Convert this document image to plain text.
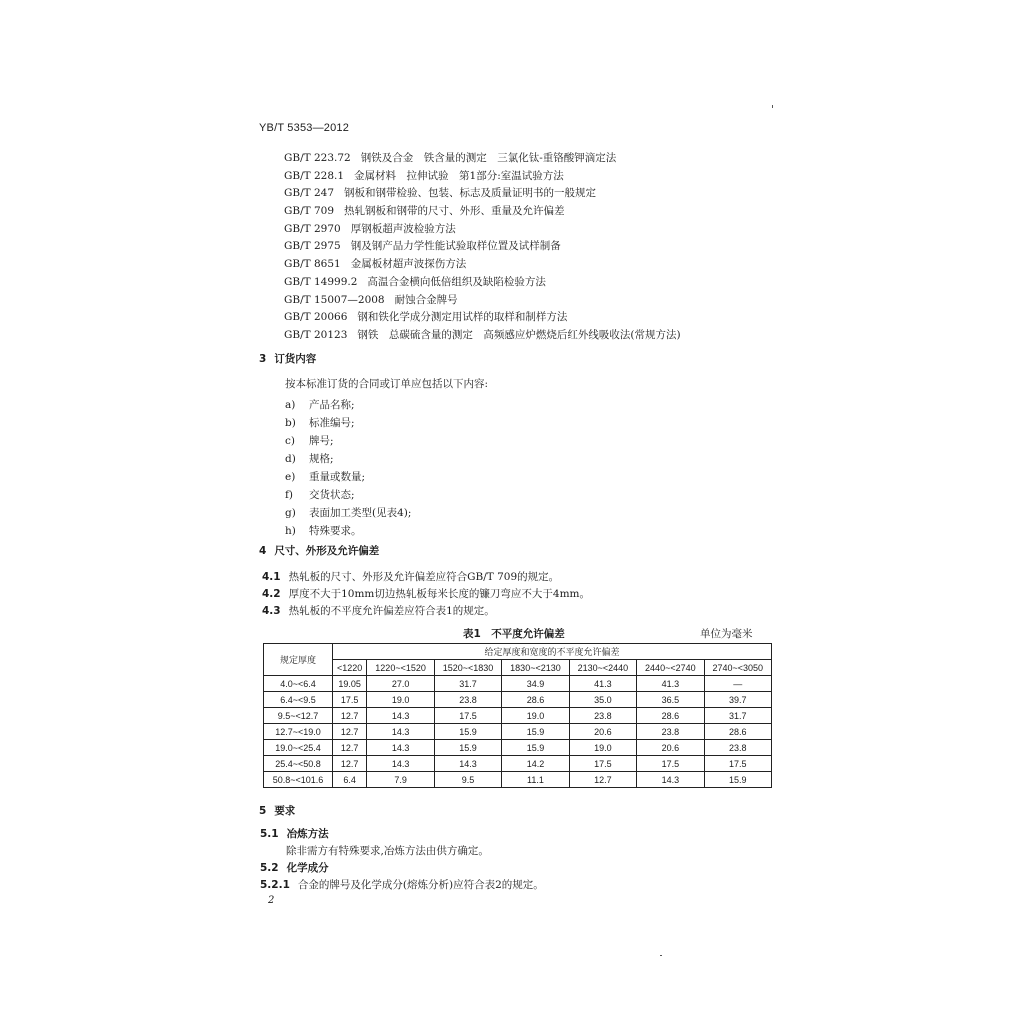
YB/T 5353—2012
GB/T 223.72 钢铁及合金　铁含量的测定　三氯化钛-重铬酸钾滴定法
GB/T 228.1 金属材料　拉伸试验　第1部分:室温试验方法
GB/T 247 钢板和钢带检验、包装、标志及质量证明书的一般规定
GB/T 709 热轧钢板和钢带的尺寸、外形、重量及允许偏差
GB/T 2970 厚钢板超声波检验方法
GB/T 2975 钢及钢产品力学性能试验取样位置及试样制备
GB/T 8651 金属板材超声波探伤方法
GB/T 14999.2 高温合金横向低倍组织及缺陷检验方法
GB/T 15007—2008 耐蚀合金牌号
GB/T 20066 钢和铁化学成分测定用试样的取样和制样方法
GB/T 20123 钢铁　总碳硫含量的测定　高频感应炉燃烧后红外线吸收法(常规方法)
3 订货内容
按本标准订货的合同或订单应包括以下内容:
a) 产品名称;
b) 标准编号;
c) 牌号;
d) 规格;
e) 重量或数量;
f) 交货状态;
g) 表面加工类型(见表4);
h) 特殊要求。
4 尺寸、外形及允许偏差
4.1 热轧板的尺寸、外形及允许偏差应符合GB/T 709的规定。
4.2 厚度不大于10mm切边热轧板每米长度的镰刀弯应不大于4mm。
4.3 热轧板的不平度允许偏差应符合表1的规定。
表1　不平度允许偏差	单位为毫米
规定厚度	给定厚度和宽度的不平度允许偏差						
	<1220	1220~<1520	1520~<1830	1830~<2130	2130~<2440	2440~<2740	2740~<3050
4.0~<6.4	19.05	27.0	31.7	34.9	41.3	41.3	—
6.4~<9.5	17.5	19.0	23.8	28.6	35.0	36.5	39.7
9.5~<12.7	12.7	14.3	17.5	19.0	23.8	28.6	31.7
12.7~<19.0	12.7	14.3	15.9	15.9	20.6	23.8	28.6
19.0~<25.4	12.7	14.3	15.9	15.9	19.0	20.6	23.8
25.4~<50.8	12.7	14.3	14.3	14.2	17.5	17.5	17.5
50.8~<101.6	6.4	7.9	9.5	11.1	12.7	14.3	15.9
5 要求
5.1 冶炼方法
除非需方有特殊要求,冶炼方法由供方确定。
5.2 化学成分
5.2.1 合金的牌号及化学成分(熔炼分析)应符合表2的规定。
2
